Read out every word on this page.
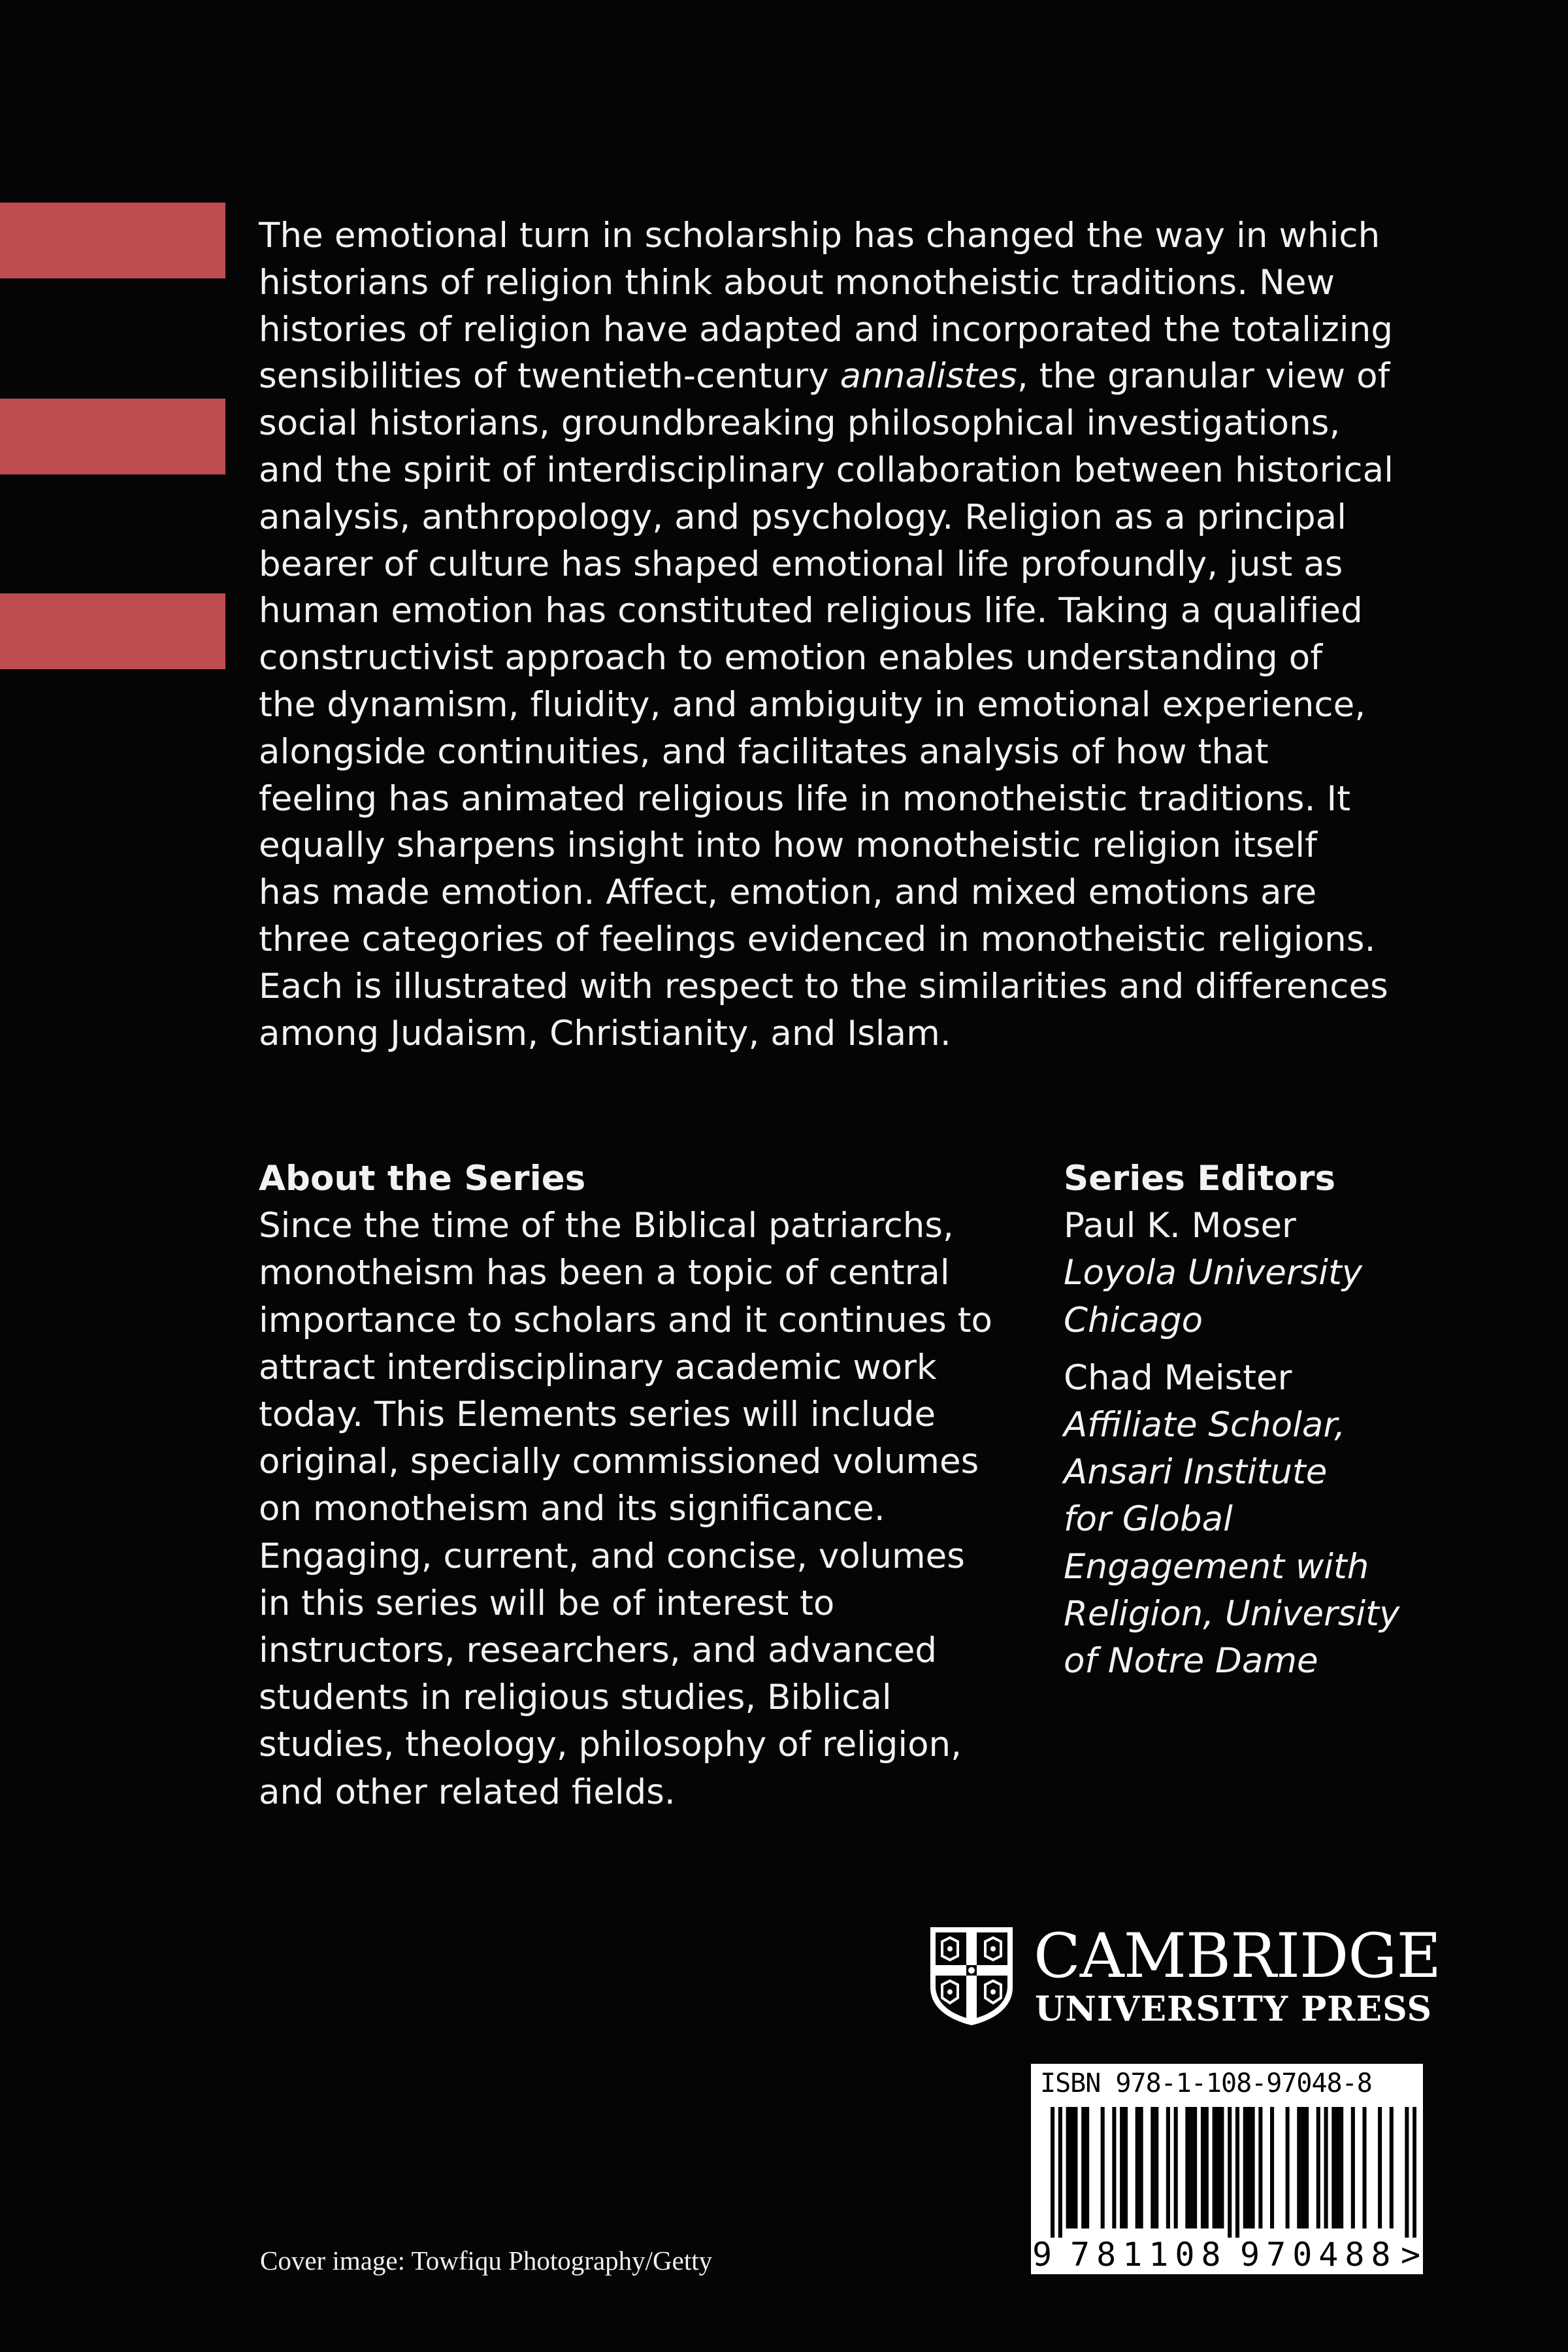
The emotional turn in scholarship has changed the way in which
historians of religion think about monotheistic traditions. New
histories of religion have adapted and incorporated the totalizing
sensibilities of twentieth-century annalistes, the granular view of
social historians, groundbreaking philosophical investigations,
and the spirit of interdisciplinary collaboration between historical
analysis, anthropology, and psychology. Religion as a principal
bearer of culture has shaped emotional life profoundly, just as
human emotion has constituted religious life. Taking a qualified
constructivist approach to emotion enables understanding of
the dynamism, fluidity, and ambiguity in emotional experience,
alongside continuities, and facilitates analysis of how that
feeling has animated religious life in monotheistic traditions. It
equally sharpens insight into how monotheistic religion itself
has made emotion. Affect, emotion, and mixed emotions are
three categories of feelings evidenced in monotheistic religions.
Each is illustrated with respect to the similarities and differences
among Judaism, Christianity, and Islam.
About the Series
Since the time of the Biblical patriarchs,
monotheism has been a topic of central
importance to scholars and it continues to
attract interdisciplinary academic work
today. This Elements series will include
original, specially commissioned volumes
on monotheism and its significance.
Engaging, current, and concise, volumes
in this series will be of interest to
instructors, researchers, and advanced
students in religious studies, Biblical
studies, theology, philosophy of religion,
and other related fields.
Series Editors
Paul K. Moser
Loyola University
Chicago
Chad Meister
Affiliate Scholar,
Ansari Institute
for Global
Engagement with
Religion, University
of Notre Dame
CAMBRIDGE
UNIVERSITY PRESS
ISBN 978-1-108-97048-8
9 781108 970488 >
Cover image: Towfiqu Photography/Getty
